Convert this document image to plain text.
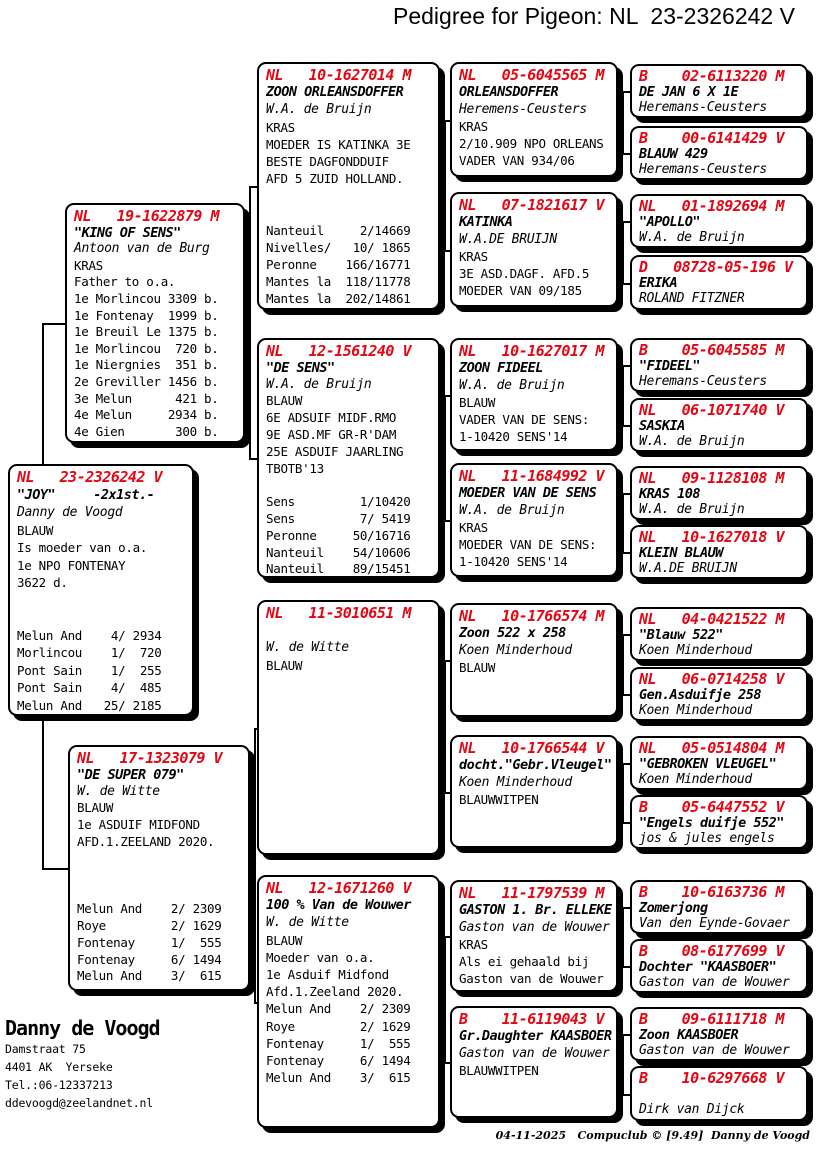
Pedigree for Pigeon: NL  23-2326242 V
Danny de Voogd
Damstraat 75
4401 AK  Yerseke
Tel.:06-12337213
ddevoogd@zeelandnet.nl
04-11-2025   Compuclub © [9.49]  Danny de Voogd
NL   23-2326242 V
"JOY"     -2x1st.-
Danny de Voogd
BLAUW
Is moeder van o.a.
1e NPO FONTENAY
3622 d.
Melun And    4/ 2934
Morlincou    1/  720
Pont Sain    1/  255
Pont Sain    4/  485
Melun And   25/ 2185
NL   19-1622879 M
"KING OF SENS"
Antoon van de Burg
KRAS
Father to o.a.
1e Morlincou 3309 b.
1e Fontenay  1999 b.
1e Breuil Le 1375 b.
1e Morlincou  720 b.
1e Niergnies  351 b.
2e Greviller 1456 b.
3e Melun      421 b.
4e Melun     2934 b.
4e Gien       300 b.
NL   17-1323079 V
"DE SUPER 079"
W. de Witte
BLAUW
1e ASDUIF MIDFOND
AFD.1.ZEELAND 2020.
Melun And    2/ 2309
Roye         2/ 1629
Fontenay     1/  555
Fontenay     6/ 1494
Melun And    3/  615
NL   10-1627014 M
ZOON ORLEANSDOFFER
W.A. de Bruijn
KRAS
MOEDER IS KATINKA 3E
BESTE DAGFONDDUIF
AFD 5 ZUID HOLLAND.
Nanteuil     2/14669
Nivelles/   10/ 1865
Peronne    166/16771
Mantes la  118/11778
Mantes la  202/14861
NL   12-1561240 V
"DE SENS"
W.A. de Bruijn
BLAUW
6E ADSUIF MIDF.RMO
9E ASD.MF GR-R'DAM
25E ASDUIF JAARLING
TBOTB'13
Sens         1/10420
Sens         7/ 5419
Peronne     50/16716
Nanteuil    54/10606
Nanteuil    89/15451
NL   11-3010651 M
W. de Witte
BLAUW
NL   12-1671260 V
100 % Van de Wouwer
W. de Witte
BLAUW
Moeder van o.a.
1e Asduif Midfond
Afd.1.Zeeland 2020.
Melun And    2/ 2309
Roye         2/ 1629
Fontenay     1/  555
Fontenay     6/ 1494
Melun And    3/  615
NL   05-6045565 M
ORLEANSDOFFER
Heremens-Ceusters
KRAS
2/10.909 NPO ORLEANS
VADER VAN 934/06
NL   07-1821617 V
KATINKA
W.A.DE BRUIJN
KRAS
3E ASD.DAGF. AFD.5
MOEDER VAN 09/185
NL   10-1627017 M
ZOON FIDEEL
W.A. de Bruijn
BLAUW
VADER VAN DE SENS:
1-10420 SENS'14
NL   11-1684992 V
MOEDER VAN DE SENS
W.A. de Bruijn
KRAS
MOEDER VAN DE SENS:
1-10420 SENS'14
NL   10-1766574 M
Zoon 522 x 258
Koen Minderhoud
BLAUW
NL   10-1766544 V
docht."Gebr.Vleugel"
Koen Minderhoud
BLAUWWITPEN
NL   11-1797539 M
GASTON 1. Br. ELLEKE
Gaston van de Wouwer
KRAS
Als ei gehaald bij
Gaston van de Wouwer
B    11-6119043 V
Gr.Daughter KAASBOER
Gaston van de Wouwer
BLAUWWITPEN
B    02-6113220 M
DE JAN 6 X 1E
Heremans-Ceusters
B    00-6141429 V
BLAUW 429
Heremans-Ceusters
NL   01-1892694 M
"APOLLO"
W.A. de Bruijn
D   08728-05-196 V
ERIKA
ROLAND FITZNER
B    05-6045585 M
"FIDEEL"
Heremans-Ceusters
NL   06-1071740 V
SASKIA
W.A. de Bruijn
NL   09-1128108 M
KRAS 108
W.A. de Bruijn
NL   10-1627018 V
KLEIN BLAUW
W.A.DE BRUIJN
NL   04-0421522 M
"Blauw 522"
Koen Minderhoud
NL   06-0714258 V
Gen.Asduifje 258
Koen Minderhoud
NL   05-0514804 M
"GEBROKEN VLEUGEL"
Koen Minderhoud
B    05-6447552 V
"Engels duifje 552"
jos & jules engels
B    10-6163736 M
Zomerjong
Van den Eynde-Govaer
B    08-6177699 V
Dochter "KAASBOER"
Gaston van de Wouwer
B    09-6111718 M
Zoon KAASBOER
Gaston van de Wouwer
B    10-6297668 V
Dirk van Dijck
